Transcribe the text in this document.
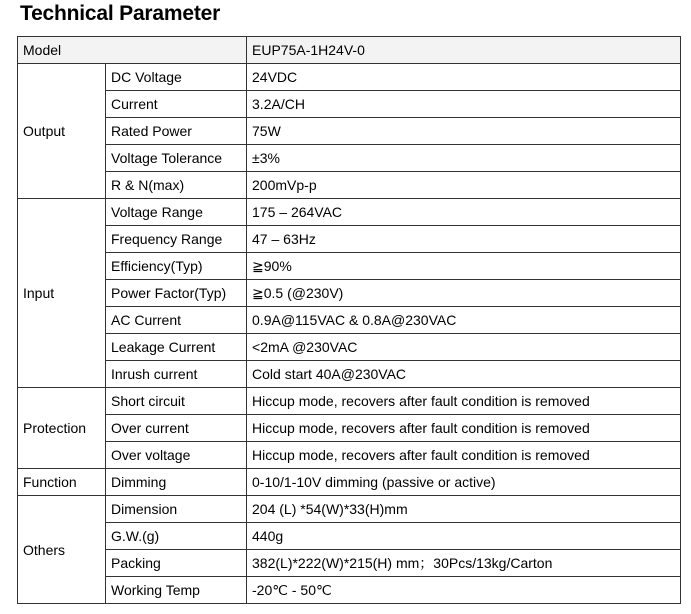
Technical Parameter
Model		EUP75A-1H24V-0
Output	DC Voltage	24VDC
	Current	3.2A/CH
	Rated Power	75W
	Voltage Tolerance	±3%
	R & N(max)	200mVp-p
Input	Voltage Range	175 – 264VAC
	Frequency Range	47 – 63Hz
	Efficiency(Typ)	≧90%
	Power Factor(Typ)	≧0.5 (@230V)
	AC Current	0.9A@115VAC & 0.8A@230VAC
	Leakage Current	<2mA @230VAC
	Inrush current	Cold start 40A@230VAC
Protection	Short circuit	Hiccup mode, recovers after fault condition is removed
	Over current	Hiccup mode, recovers after fault condition is removed
	Over voltage	Hiccup mode, recovers after fault condition is removed
Function	Dimming	0-10/1-10V dimming (passive or active)
Others	Dimension	204 (L) *54(W)*33(H)mm
	G.W.(g)	440g
	Packing	382(L)*222(W)*215(H) mm；30Pcs/13kg/Carton
	Working Temp	-20℃ - 50℃
